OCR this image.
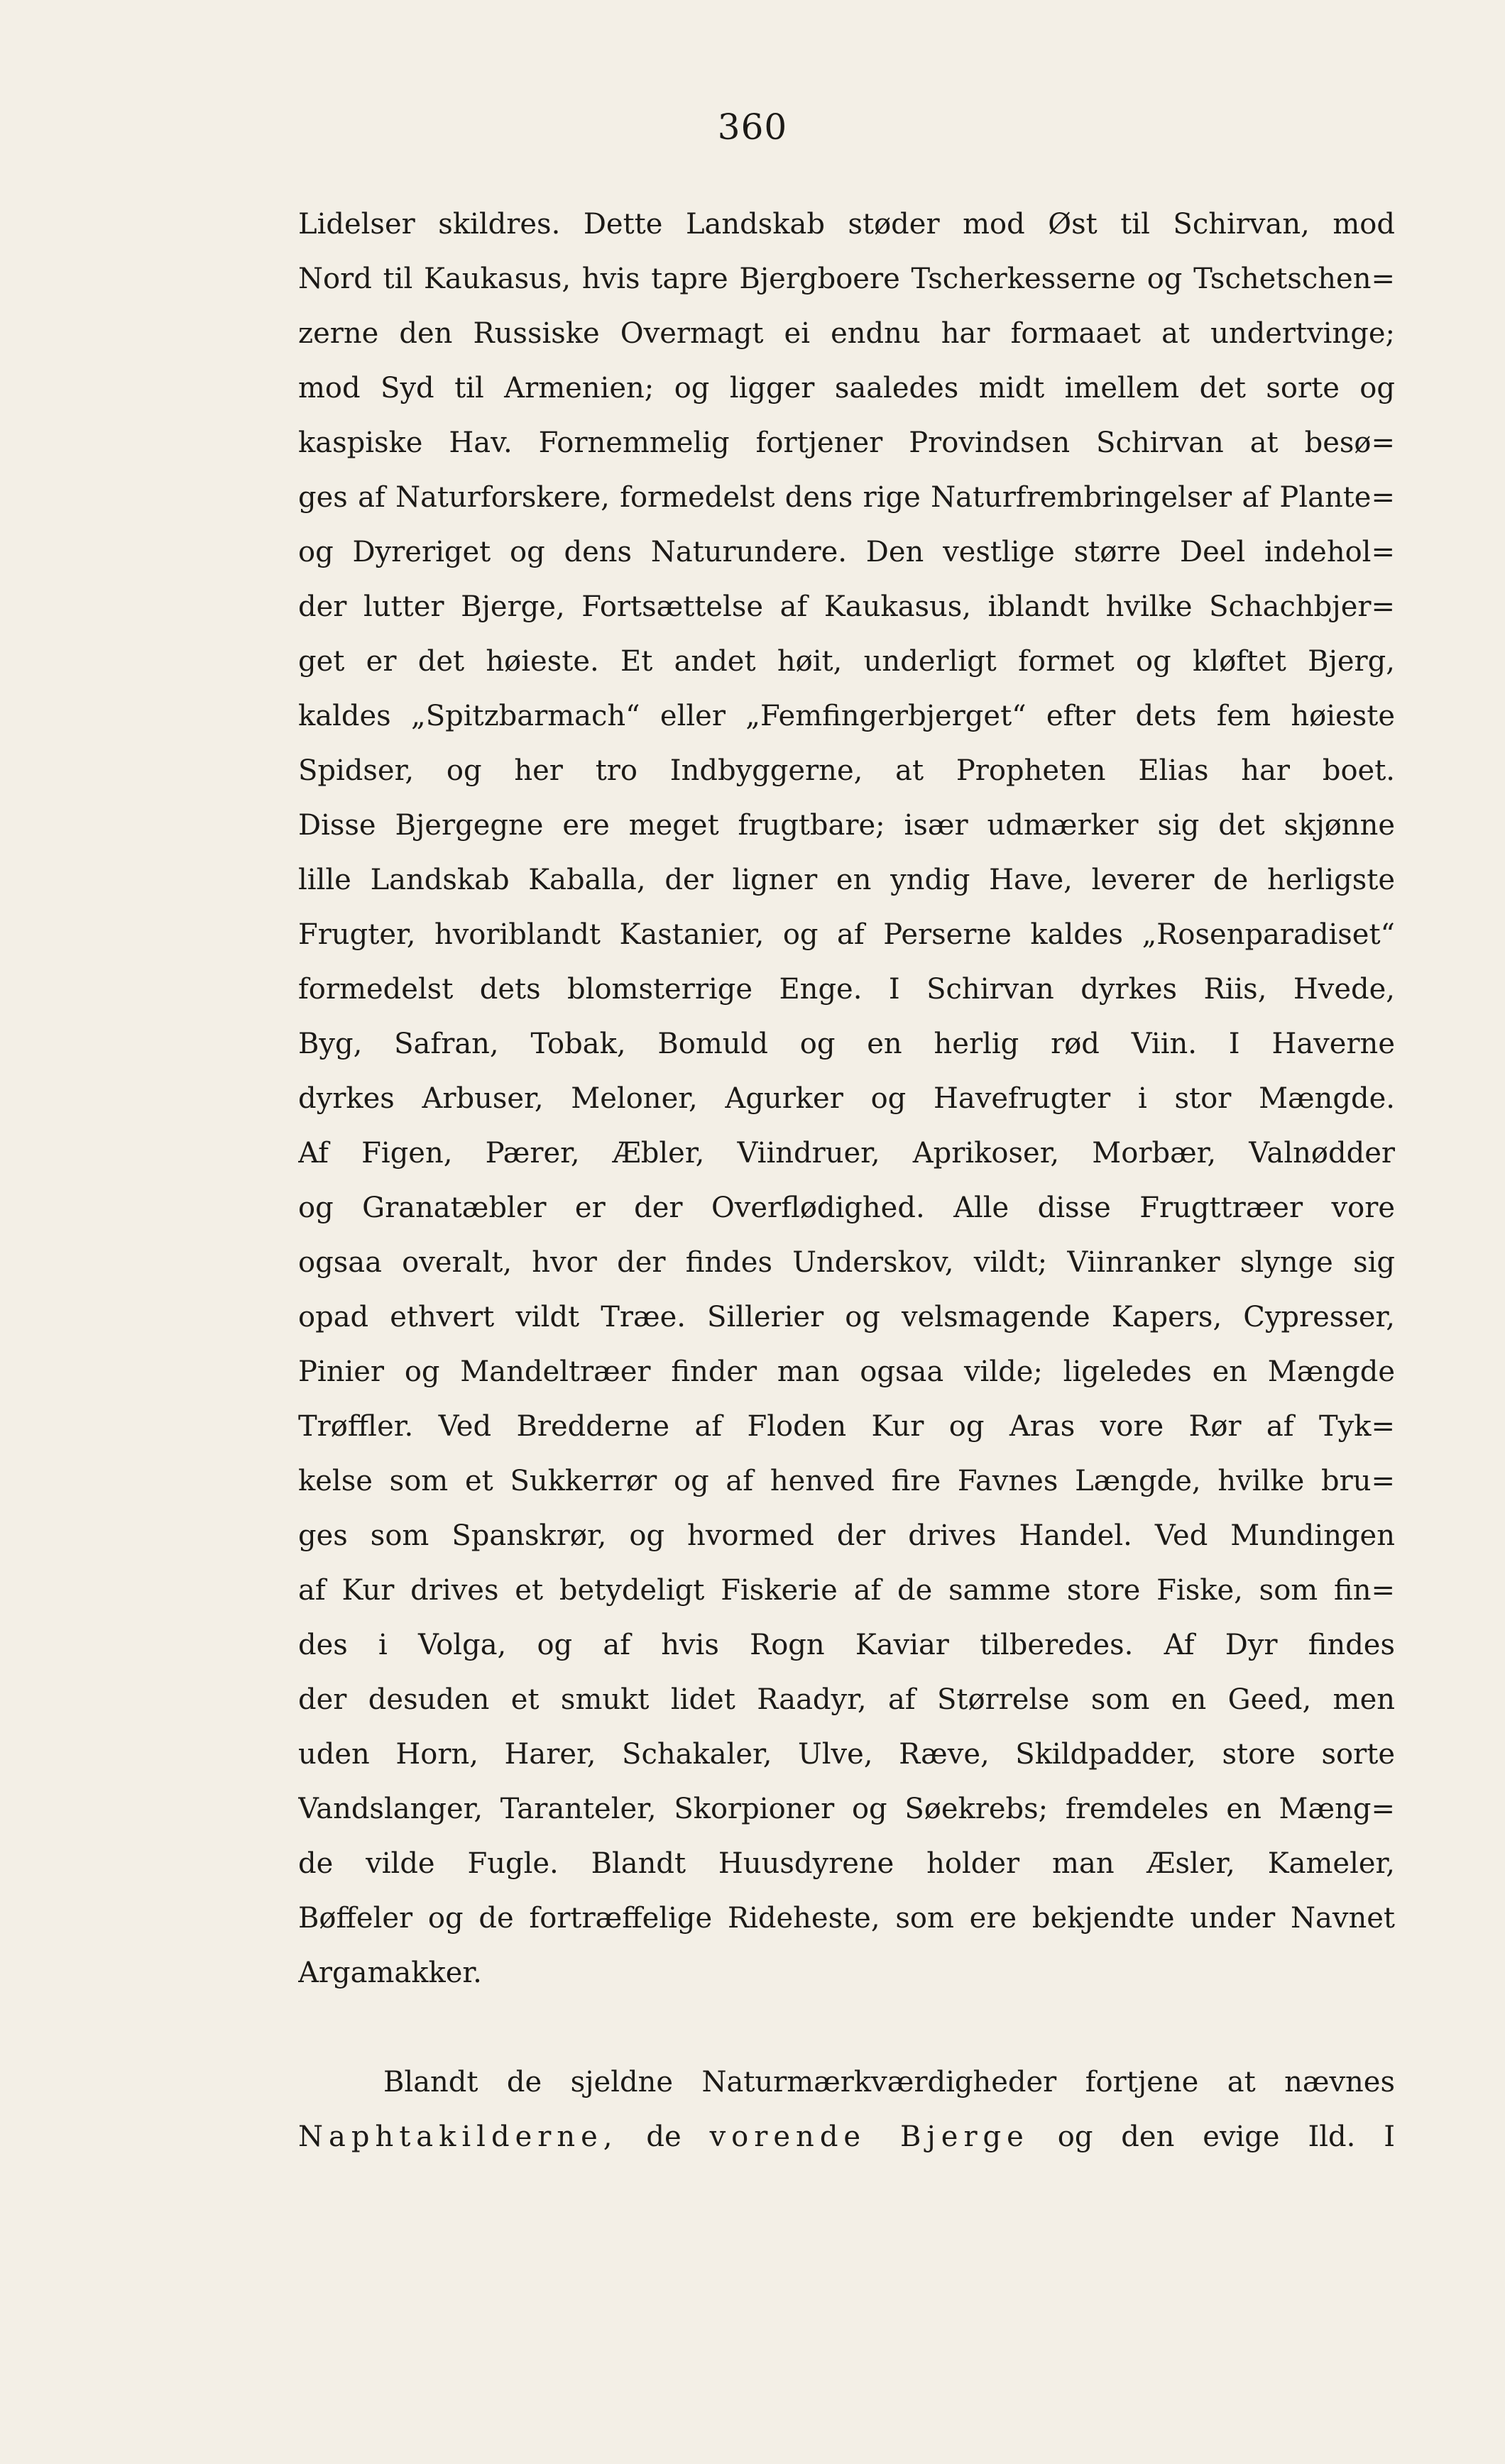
360
Lidelser skildres. Dette Landskab støder mod Øst til Schirvan, mod
Nord til Kaukasus, hvis tapre Bjergboere Tscherkesserne og Tschetschen=
zerne den Russiske Overmagt ei endnu har formaaet at undertvinge;
mod Syd til Armenien; og ligger saaledes midt imellem det sorte og
kaspiske Hav. Fornemmelig fortjener Provindsen Schirvan at besø=
ges af Naturforskere, formedelst dens rige Naturfrembringelser af Plante=
og Dyreriget og dens Naturundere. Den vestlige større Deel indehol=
der lutter Bjerge, Fortsættelse af Kaukasus, iblandt hvilke Schachbjer=
get er det høieste. Et andet høit, underligt formet og kløftet Bjerg,
kaldes „Spitzbarmach“ eller „Femfingerbjerget“ efter dets fem høieste
Spidser, og her tro Indbyggerne, at Propheten Elias har boet.
Disse Bjergegne ere meget frugtbare; især udmærker sig det skjønne
lille Landskab Kaballa, der ligner en yndig Have, leverer de herligste
Frugter, hvoriblandt Kastanier, og af Perserne kaldes „Rosenparadiset“
formedelst dets blomsterrige Enge. I Schirvan dyrkes Riis, Hvede,
Byg, Safran, Tobak, Bomuld og en herlig rød Viin. I Haverne
dyrkes Arbuser, Meloner, Agurker og Havefrugter i stor Mængde.
Af Figen, Pærer, Æbler, Viindruer, Aprikoser, Morbær, Valnødder
og Granatæbler er der Overflødighed. Alle disse Frugttræer vore
ogsaa overalt, hvor der findes Underskov, vildt; Viinranker slynge sig
opad ethvert vildt Træe. Sillerier og velsmagende Kapers, Cypresser,
Pinier og Mandeltræer finder man ogsaa vilde; ligeledes en Mængde
Trøffler. Ved Bredderne af Floden Kur og Aras vore Rør af Tyk=
kelse som et Sukkerrør og af henved fire Favnes Længde, hvilke bru=
ges som Spanskrør, og hvormed der drives Handel. Ved Mundingen
af Kur drives et betydeligt Fiskerie af de samme store Fiske, som fin=
des i Volga, og af hvis Rogn Kaviar tilberedes. Af Dyr findes
der desuden et smukt lidet Raadyr, af Størrelse som en Geed, men
uden Horn, Harer, Schakaler, Ulve, Ræve, Skildpadder, store sorte
Vandslanger, Taranteler, Skorpioner og Søekrebs; fremdeles en Mæng=
de vilde Fugle. Blandt Huusdyrene holder man Æsler, Kameler,
Bøffeler og de fortræffelige Rideheste, som ere bekjendte under Navnet
Argamakker.
Blandt de sjeldne Naturmærkværdigheder fortjene at nævnes
Naphtakilderne, de vorende Bjerge og den evige Ild. I
